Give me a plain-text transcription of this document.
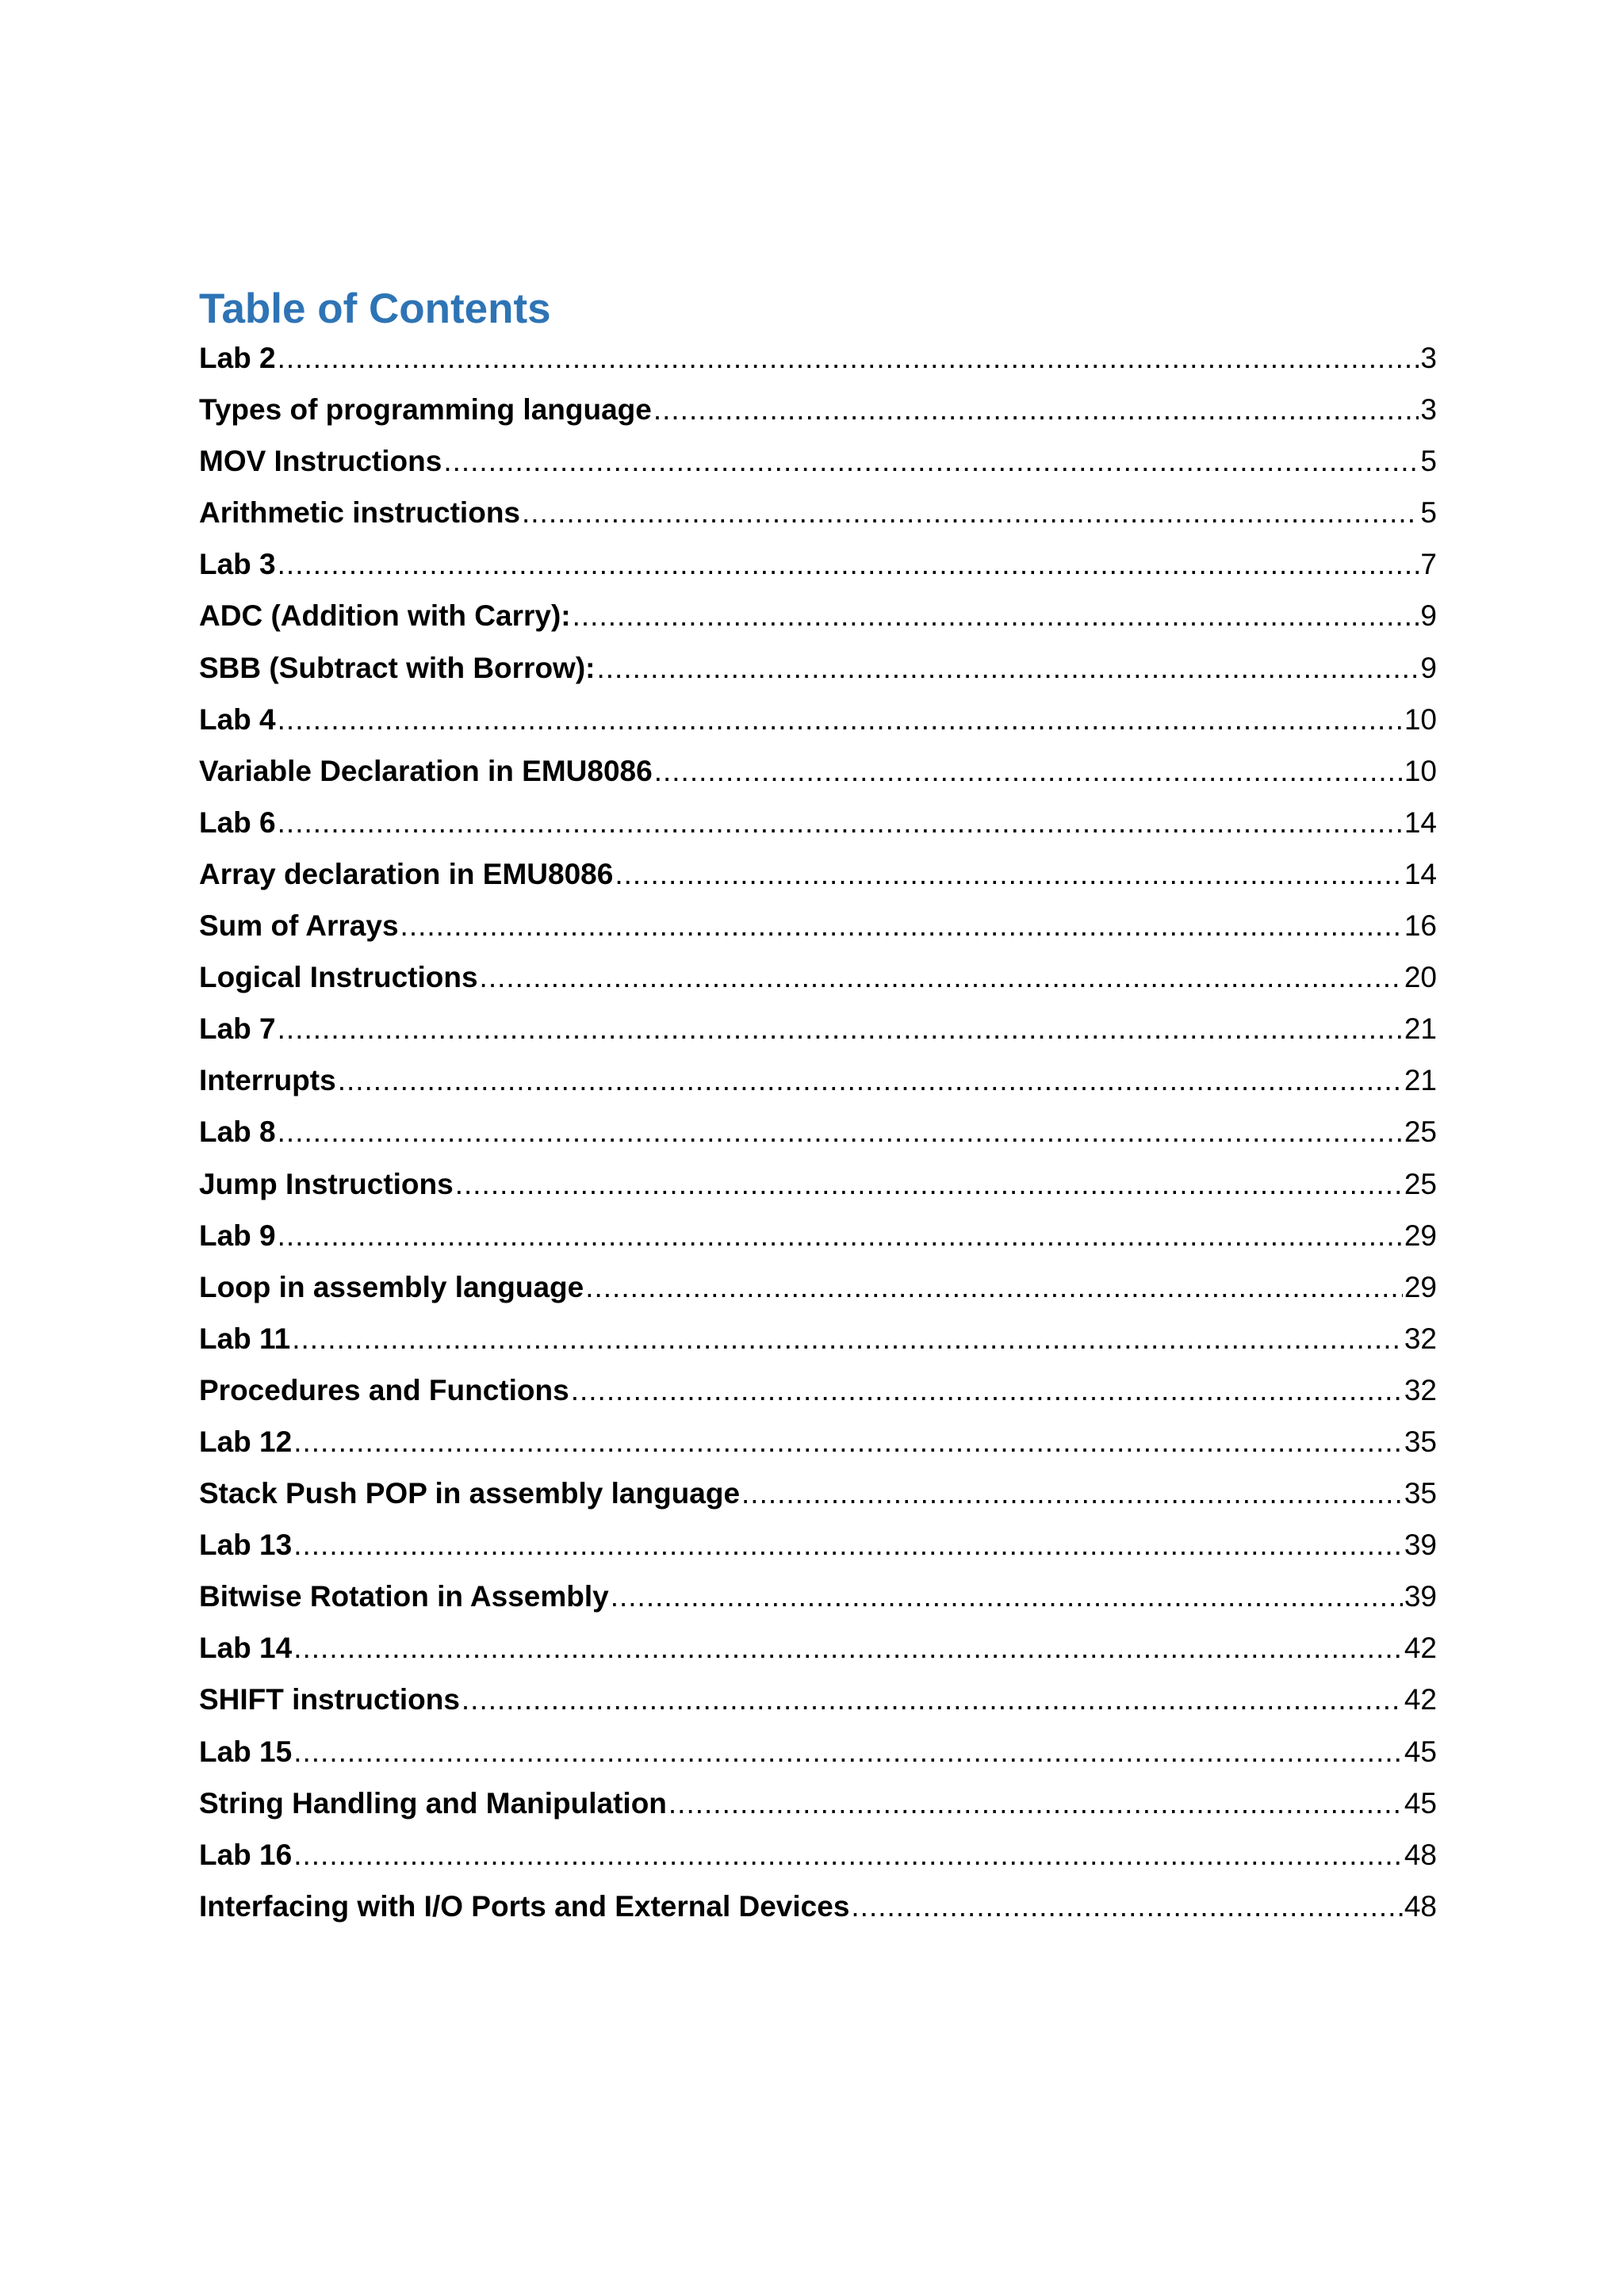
Table of Contents
Lab 2 .....	3
Types of programming language .....	3
MOV Instructions .....	5
Arithmetic instructions .....	5
Lab 3 .....	7
ADC (Addition with Carry): .....	9
SBB (Subtract with Borrow): .....	9
Lab 4 .....	10
Variable Declaration in EMU8086 .....	10
Lab 6 .....	14
Array declaration in EMU8086 .....	14
Sum of Arrays .....	16
Logical Instructions .....	20
Lab 7 .....	21
Interrupts .....	21
Lab 8 .....	25
Jump Instructions .....	25
Lab 9 .....	29
Loop in assembly language .....	29
Lab 11 .....	32
Procedures and Functions .....	32
Lab 12 .....	35
Stack Push POP in assembly language .....	35
Lab 13 .....	39
Bitwise Rotation in Assembly .....	39
Lab 14 .....	42
SHIFT instructions .....	42
Lab 15 .....	45
String Handling and Manipulation .....	45
Lab 16 .....	48
Interfacing with I/O Ports and External Devices .....	48
